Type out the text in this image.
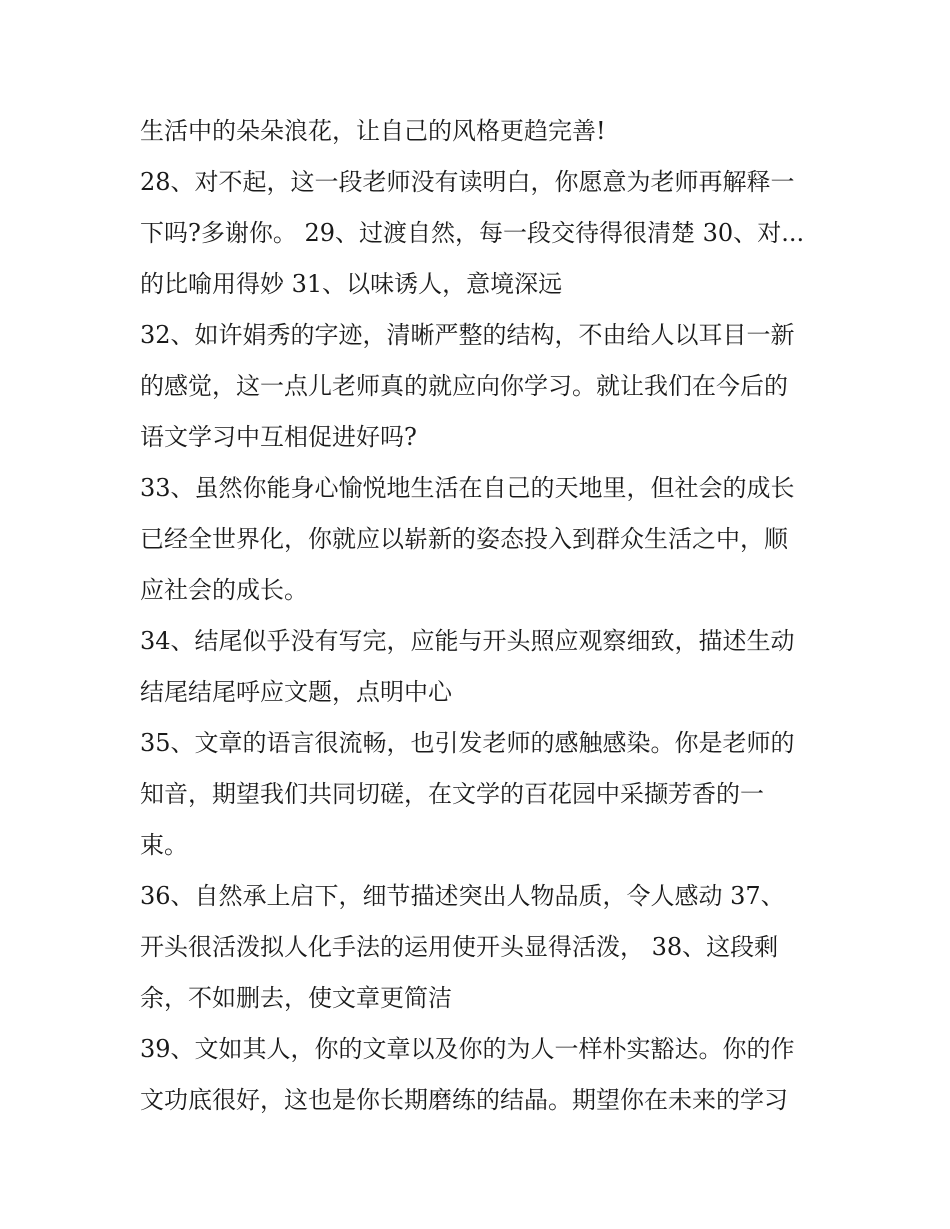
生活中的朵朵浪花，让自己的风格更趋完善!
28、对不起，这一段老师没有读明白，你愿意为老师再解释一
下吗?多谢你。 29、过渡自然，每一段交待得很清楚 30、对...
的比喻用得妙 31、以味诱人，意境深远
32、如许娟秀的字迹，清晰严整的结构，不由给人以耳目一新
的感觉，这一点儿老师真的就应向你学习。就让我们在今后的
语文学习中互相促进好吗?
33、虽然你能身心愉悦地生活在自己的天地里，但社会的成长
已经全世界化，你就应以崭新的姿态投入到群众生活之中，顺
应社会的成长。
34、结尾似乎没有写完，应能与开头照应观察细致，描述生动
结尾结尾呼应文题，点明中心
35、文章的语言很流畅，也引发老师的感触感染。你是老师的
知音，期望我们共同切磋，在文学的百花园中采撷芳香的一
束。
36、自然承上启下，细节描述突出人物品质，令人感动 37、
开头很活泼拟人化手法的运用使开头显得活泼， 38、这段剩
余，不如删去，使文章更简洁
39、文如其人，你的文章以及你的为人一样朴实豁达。你的作
文功底很好，这也是你长期磨练的结晶。期望你在未来的学习
